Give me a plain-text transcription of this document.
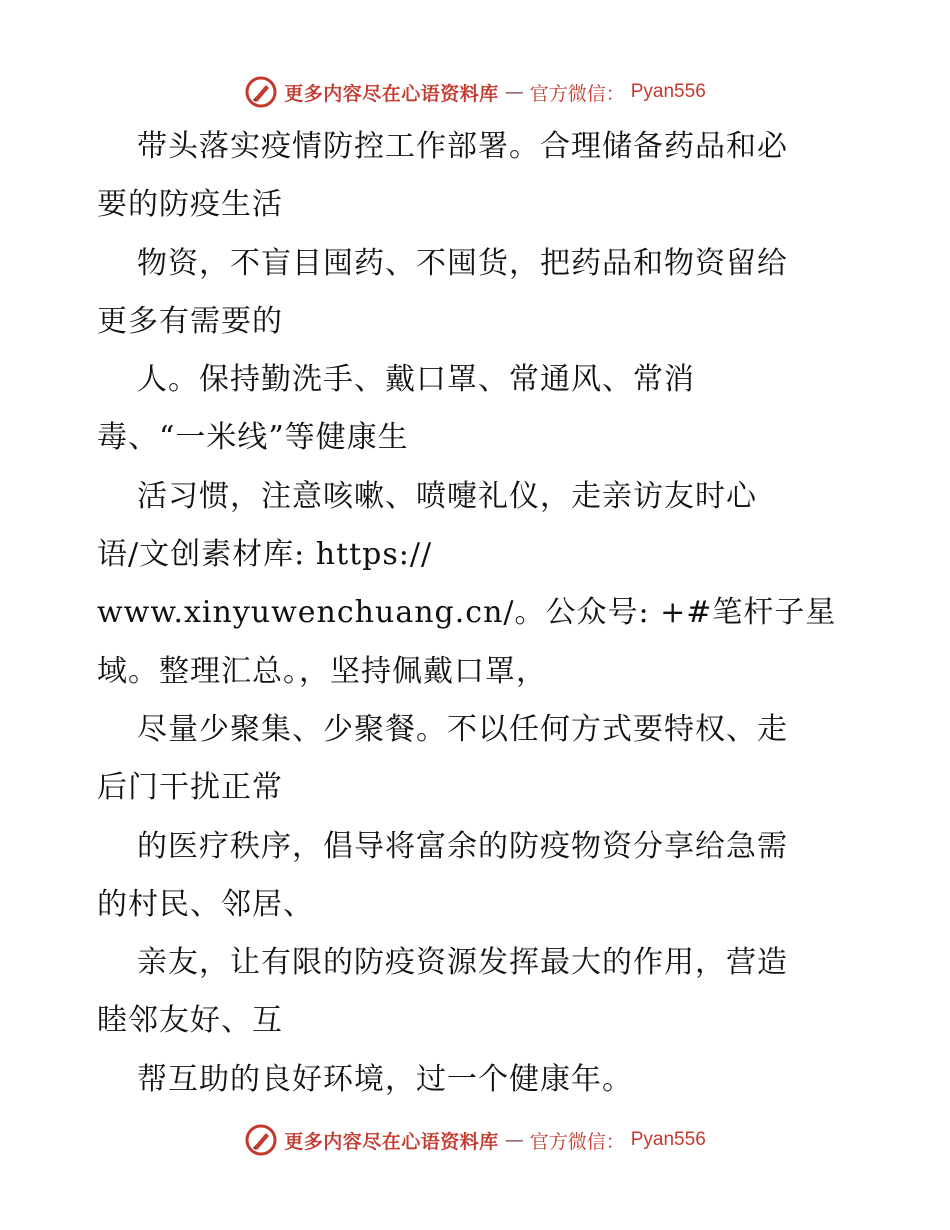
更多内容尽在心语资料库 — 官方微信： Pyan556
带头落实疫情防控工作部署。合理储备药品和必
要的防疫生活
物资，不盲目囤药、不囤货，把药品和物资留给
更多有需要的
人。保持勤洗手、戴口罩、常通风、常消
毒、“一米线”等健康生
活习惯，注意咳嗽、喷嚏礼仪，走亲访友时心
语/文创素材库: https://
www.xinyuwenchuang.cn/。公众号: +#笔杆子星
域。整理汇总。，坚持佩戴口罩，
尽量少聚集、少聚餐。不以任何方式要特权、走
后门干扰正常
的医疗秩序，倡导将富余的防疫物资分享给急需
的村民、邻居、
亲友，让有限的防疫资源发挥最大的作用，营造
睦邻友好、互
帮互助的良好环境，过一个健康年。
更多内容尽在心语资料库 — 官方微信： Pyan556
